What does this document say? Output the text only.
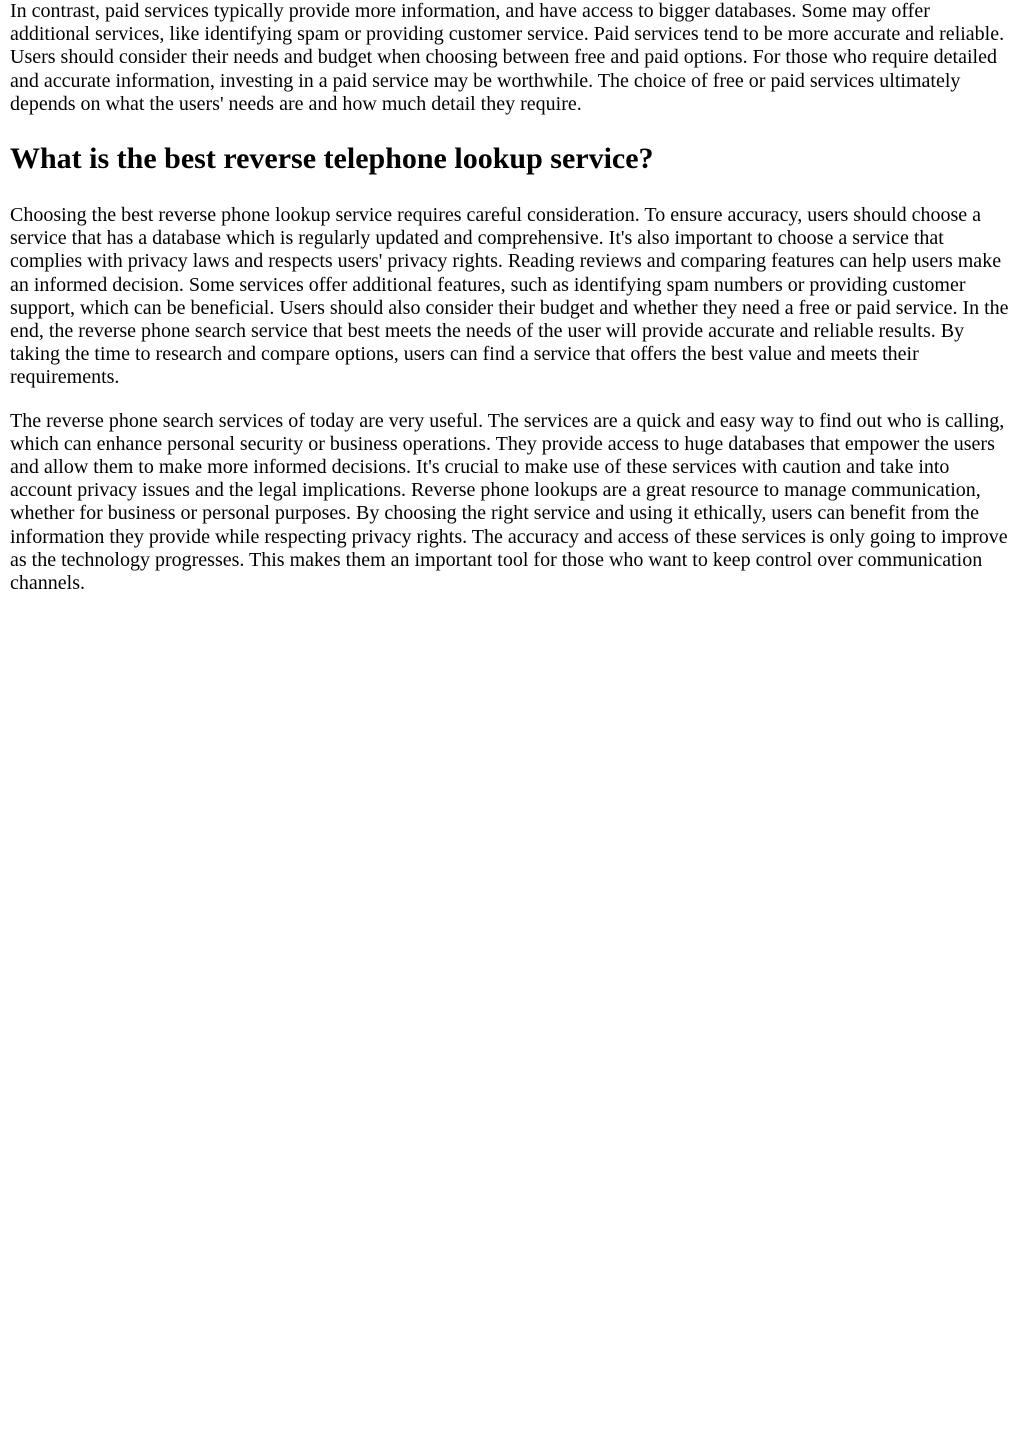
In contrast, paid services typically provide more information, and have access to bigger databases. Some may offer additional services, like identifying spam or providing customer service. Paid services tend to be more accurate and reliable. Users should consider their needs and budget when choosing between free and paid options. For those who require detailed and accurate information, investing in a paid service may be worthwhile. The choice of free or paid services ultimately depends on what the users' needs are and how much detail they require.

What is the best reverse telephone lookup service?

Choosing the best reverse phone lookup service requires careful consideration. To ensure accuracy, users should choose a service that has a database which is regularly updated and comprehensive. It's also important to choose a service that complies with privacy laws and respects users' privacy rights. Reading reviews and comparing features can help users make an informed decision. Some services offer additional features, such as identifying spam numbers or providing customer support, which can be beneficial. Users should also consider their budget and whether they need a free or paid service. In the end, the reverse phone search service that best meets the needs of the user will provide accurate and reliable results. By taking the time to research and compare options, users can find a service that offers the best value and meets their requirements.

The reverse phone search services of today are very useful. The services are a quick and easy way to find out who is calling, which can enhance personal security or business operations. They provide access to huge databases that empower the users and allow them to make more informed decisions. It's crucial to make use of these services with caution and take into account privacy issues and the legal implications. Reverse phone lookups are a great resource to manage communication, whether for business or personal purposes. By choosing the right service and using it ethically, users can benefit from the information they provide while respecting privacy rights. The accuracy and access of these services is only going to improve as the technology progresses. This makes them an important tool for those who want to keep control over communication channels.
